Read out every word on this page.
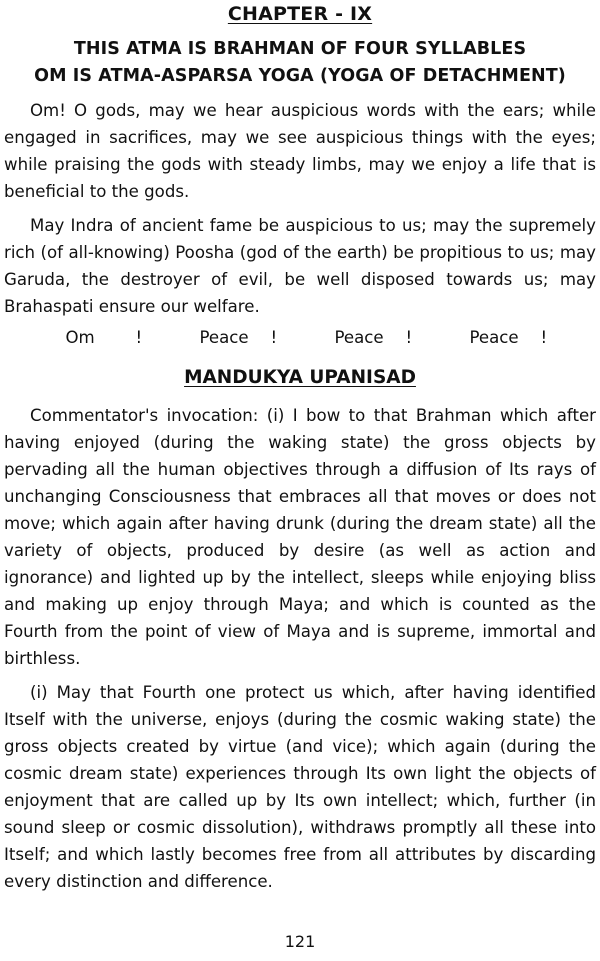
CHAPTER - IX
THIS ATMA IS BRAHMAN OF FOUR SYLLABLES
OM IS ATMA-ASPARSA YOGA (YOGA OF DETACHMENT)

Om! O gods, may we hear auspicious words with the ears; while engaged in sacrifices, may we see auspicious things with the eyes; while praising the gods with steady limbs, may we enjoy a life that is beneficial to the gods.

May Indra of ancient fame be auspicious to us; may the supremely rich (of all-knowing) Poosha (god of the earth) be propitious to us; may Garuda, the destroyer of evil, be well disposed towards us; may Brahaspati ensure our welfare.

Om	!	Peace	!	Peace	!	Peace	!
MANDUKYA UPANISAD

Commentator's invocation: (i) I bow to that Brahman which after having enjoyed (during the waking state) the gross objects by pervading all the human objectives through a diffusion of Its rays of unchanging Consciousness that embraces all that moves or does not move; which again after having drunk (during the dream state) all the variety of objects, produced by desire (as well as action and ignorance) and lighted up by the intellect, sleeps while enjoying bliss and making up enjoy through Maya; and which is counted as the Fourth from the point of view of Maya and is supreme, immortal and birthless.

(i) May that Fourth one protect us which, after having identified Itself with the universe, enjoys (during the cosmic waking state) the gross objects created by virtue (and vice); which again (during the cosmic dream state) experiences through Its own light the objects of enjoyment that are called up by Its own intellect; which, further (in sound sleep or cosmic dissolution), withdraws promptly all these into Itself; and which lastly becomes free from all attributes by discarding every distinction and difference.

121
